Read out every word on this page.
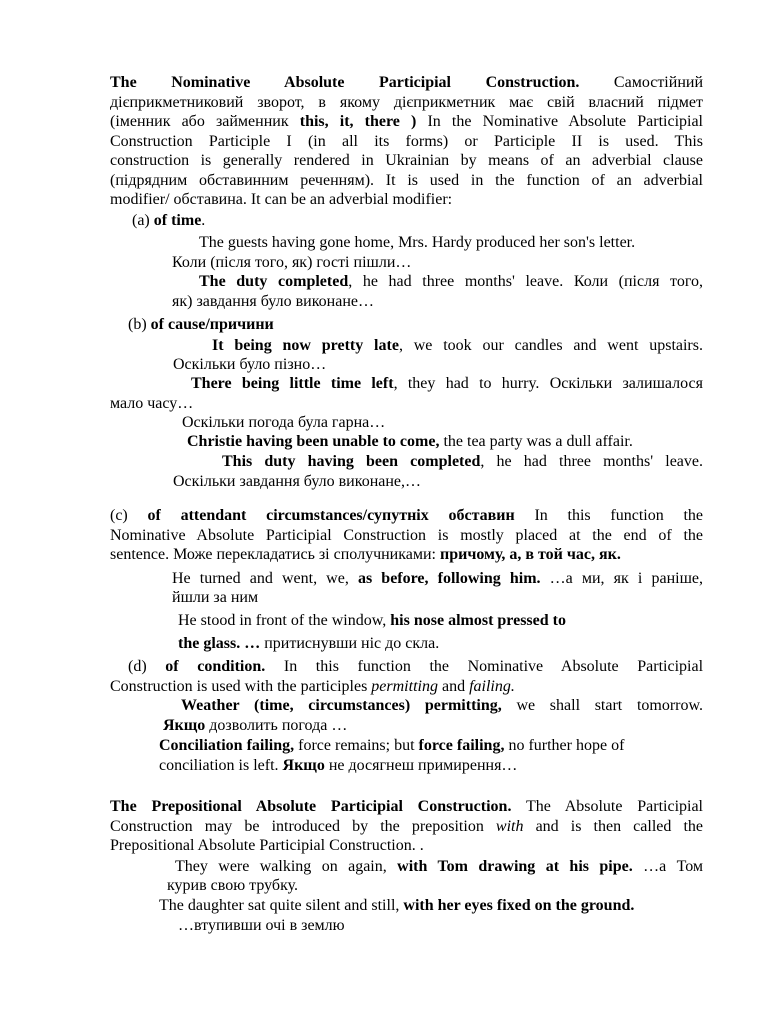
The Nominative Absolute Participial Construction. Самостійний
дієприкметниковий зворот, в якому дієприкметник має свій власний підмет
(іменник або займенник this, it, there ) In the Nominative Absolute Participial
Construction Participle I (in all its forms) or Participle II is used. This
construction is generally rendered in Ukrainian by means of an adverbial clause
(підрядним обставинним реченням). It is used in the function of an adverbial
modifier/ обставина. It can be an adverbial modifier:
(a) of time.
The guests having gone home, Mrs. Hardy produced her son's letter.
Коли (після того, як) гості пішли…
The duty completed, he had three months' leave. Коли (після того,
як) завдання було виконане…
(b) of cause/причини
It being now pretty late, we took our candles and went upstairs.
Оскільки було пізно…
There being little time left, they had to hurry. Оскільки залишалося
мало часу…
Оскільки погода була гарна…
Christie having been unable to come, the tea party was a dull affair.
This duty having been completed, he had three months' leave.
Оскільки завдання було виконане,…
(c) of attendant circumstances/супутніх обставин In this function the
Nominative Absolute Participial Construction is mostly placed at the end of the
sentence. Може перекладатись зі сполучниками: причому, а, в той час, як.
He turned and went, we, as before, following him. …а ми, як і раніше,
йшли за ним
He stood in front of the window, his nose almost pressed to
the glass. … притиснувши ніс до скла.
(d) of condition. In this function the Nominative Absolute Participial
Construction is used with the participles permitting and failing.
Weather (time, circumstances) permitting, we shall start tomorrow.
Якщо дозволить погода …
Conciliation failing, force remains; but force failing, no further hope of
conciliation is left. Якщо не досягнеш примирення…
The Prepositional Absolute Participial Construction. The Absolute Participial
Construction may be introduced by the preposition with and is then called the
Prepositional Absolute Participial Construction. .
They were walking on again, with Tom drawing at his pipe. …а Том
курив свою трубку.
The daughter sat quite silent and still, with her eyes fixed on the ground.
…втупивши очі в землю
